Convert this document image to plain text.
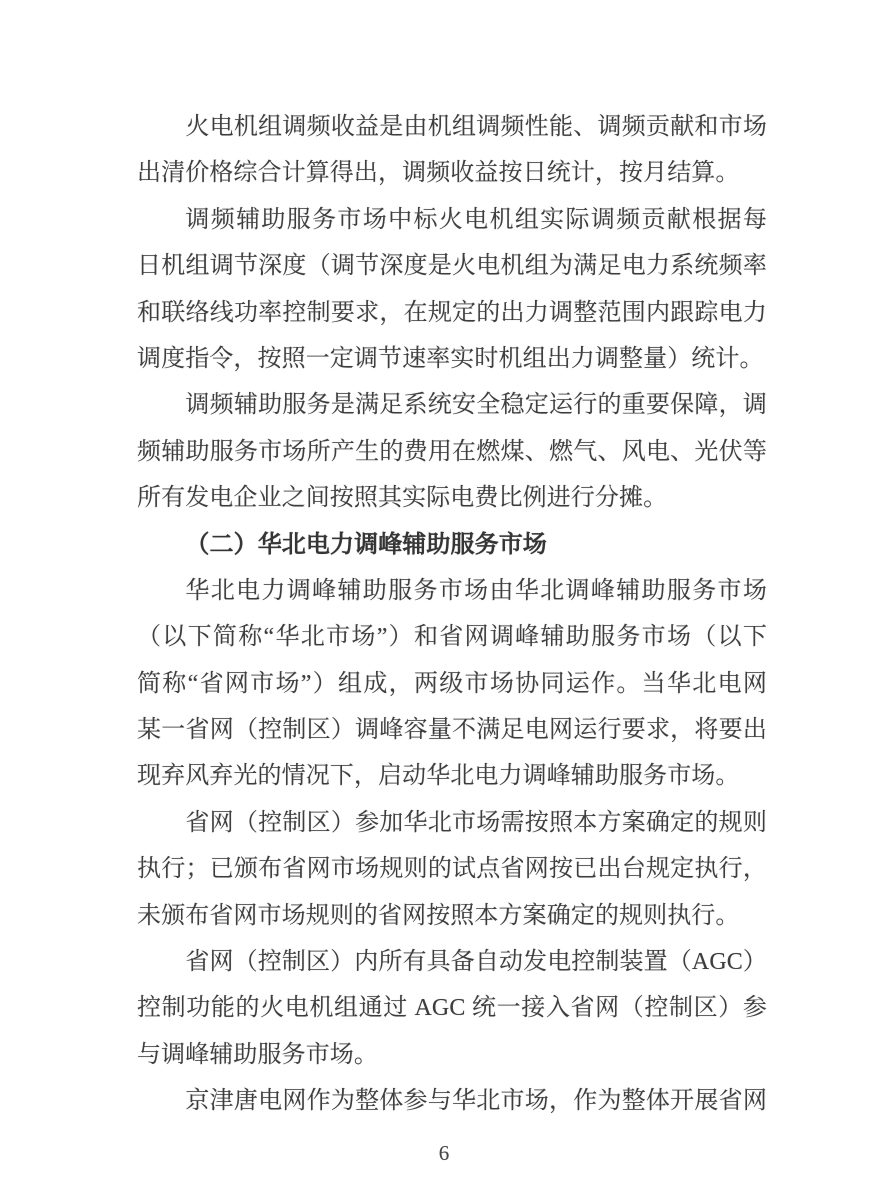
火电机组调频收益是由机组调频性能、调频贡献和市场
出清价格综合计算得出，调频收益按日统计，按月结算。
调频辅助服务市场中标火电机组实际调频贡献根据每
日机组调节深度（调节深度是火电机组为满足电力系统频率
和联络线功率控制要求，在规定的出力调整范围内跟踪电力
调度指令，按照一定调节速率实时机组出力调整量）统计。
调频辅助服务是满足系统安全稳定运行的重要保障，调
频辅助服务市场所产生的费用在燃煤、燃气、风电、光伏等
所有发电企业之间按照其实际电费比例进行分摊。
（二）华北电力调峰辅助服务市场
华北电力调峰辅助服务市场由华北调峰辅助服务市场
（以下简称“华北市场”）和省网调峰辅助服务市场（以下
简称“省网市场”）组成，两级市场协同运作。当华北电网
某一省网（控制区）调峰容量不满足电网运行要求，将要出
现弃风弃光的情况下，启动华北电力调峰辅助服务市场。
省网（控制区）参加华北市场需按照本方案确定的规则
执行；已颁布省网市场规则的试点省网按已出台规定执行，
未颁布省网市场规则的省网按照本方案确定的规则执行。
省网（控制区）内所有具备自动发电控制装置（AGC）
控制功能的火电机组通过 AGC 统一接入省网（控制区）参
与调峰辅助服务市场。
京津唐电网作为整体参与华北市场，作为整体开展省网
6
